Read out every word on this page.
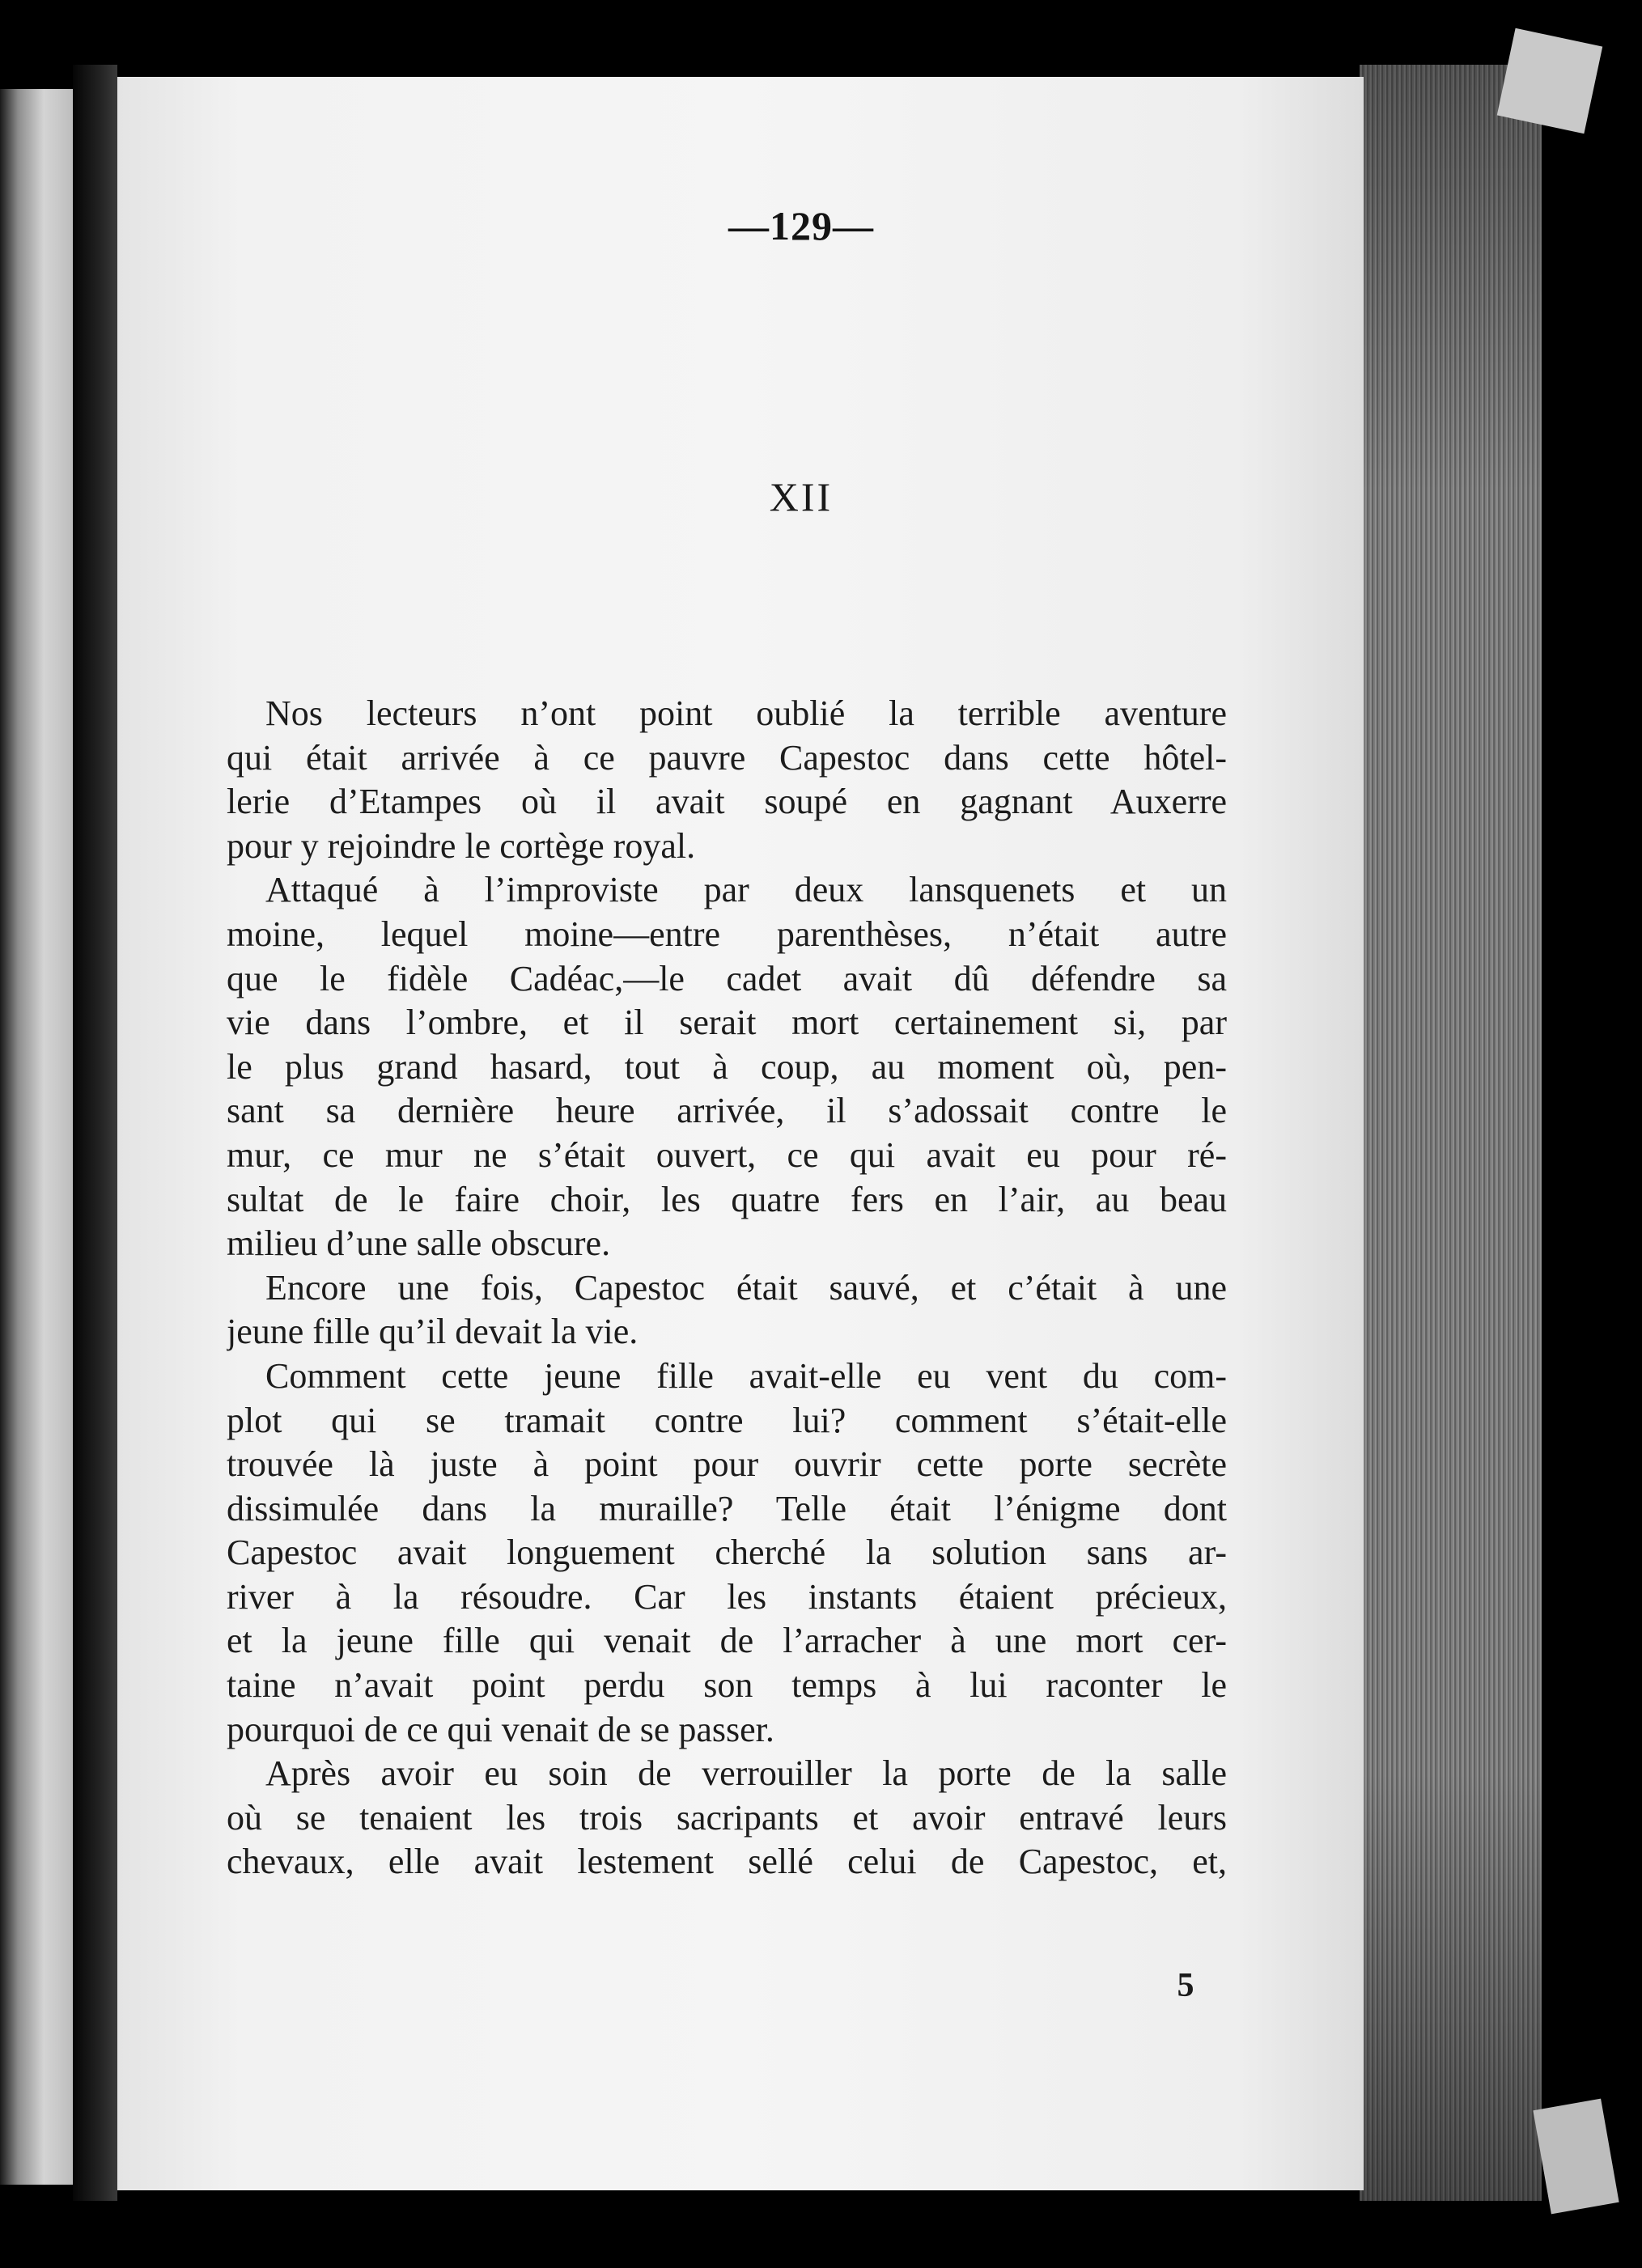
—129—
XII
Nos lecteurs n’ont point oublié la terrible aventure
qui était arrivée à ce pauvre Capestoc dans cette hôtel-
lerie d’Etampes où il avait soupé en gagnant Auxerre
pour y rejoindre le cortège royal.
Attaqué à l’improviste par deux lansquenets et un
moine, lequel moine—entre parenthèses, n’était autre
que le fidèle Cadéac,—le cadet avait dû défendre sa
vie dans l’ombre, et il serait mort certainement si, par
le plus grand hasard, tout à coup, au moment où, pen-
sant sa dernière heure arrivée, il s’adossait contre le
mur, ce mur ne s’était ouvert, ce qui avait eu pour ré-
sultat de le faire choir, les quatre fers en l’air, au beau
milieu d’une salle obscure.
Encore une fois, Capestoc était sauvé, et c’était à une
jeune fille qu’il devait la vie.
Comment cette jeune fille avait-elle eu vent du com-
plot qui se tramait contre lui? comment s’était-elle
trouvée là juste à point pour ouvrir cette porte secrète
dissimulée dans la muraille? Telle était l’énigme dont
Capestoc avait longuement cherché la solution sans ar-
river à la résoudre. Car les instants étaient précieux,
et la jeune fille qui venait de l’arracher à une mort cer-
taine n’avait point perdu son temps à lui raconter le
pourquoi de ce qui venait de se passer.
Après avoir eu soin de verrouiller la porte de la salle
où se tenaient les trois sacripants et avoir entravé leurs
chevaux, elle avait lestement sellé celui de Capestoc, et,
5
